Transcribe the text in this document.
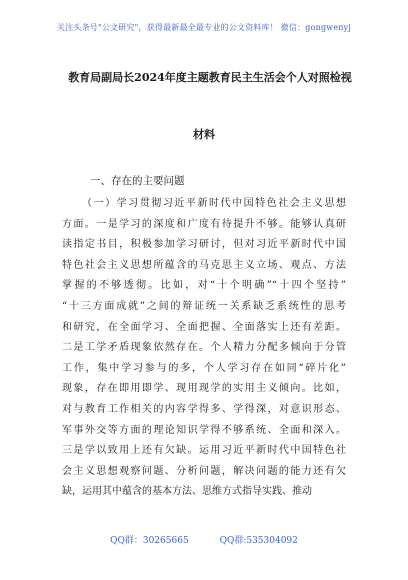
关注头条号"公文研究"，获得最新最全最专业的公文资料库！ 微信：gongwenyj
教育局副局长2024年度主题教育民主生活会个人对照检视
材料
一、存在的主要问题
（一）学习贯彻习近平新时代中国特色社会主义思想
方面。一是学习的深度和广度有待提升不够。能够认真研
读指定书目，积极参加学习研讨，但对习近平新时代中国
特色社会主义思想所蕴含的马克思主义立场、观点、方法
掌握的不够透彻。比如，对“十个明确”“十四个坚持”
“十三方面成就”之间的辩证统一关系缺乏系统性的思考
和研究，在全面学习、全面把握、全面落实上还有差距。
二是工学矛盾现象依然存在。个人精力分配多倾向于分管
工作，集中学习参与的多，个人学习存在如同“碎片化”
现象，存在即用即学、现用现学的实用主义倾向。比如，
对与教育工作相关的内容学得多、学得深，对意识形态、
军事外交等方面的理论知识学得不够系统、全面和深入。
三是学以致用上还有欠缺。运用习近平新时代中国特色社
会主义思想观察问题、分析问题，解决问题的能力还有欠
缺，运用其中蕴含的基本方法、思维方式指导实践、推动
QQ群：30265665	QQ群:535304092
